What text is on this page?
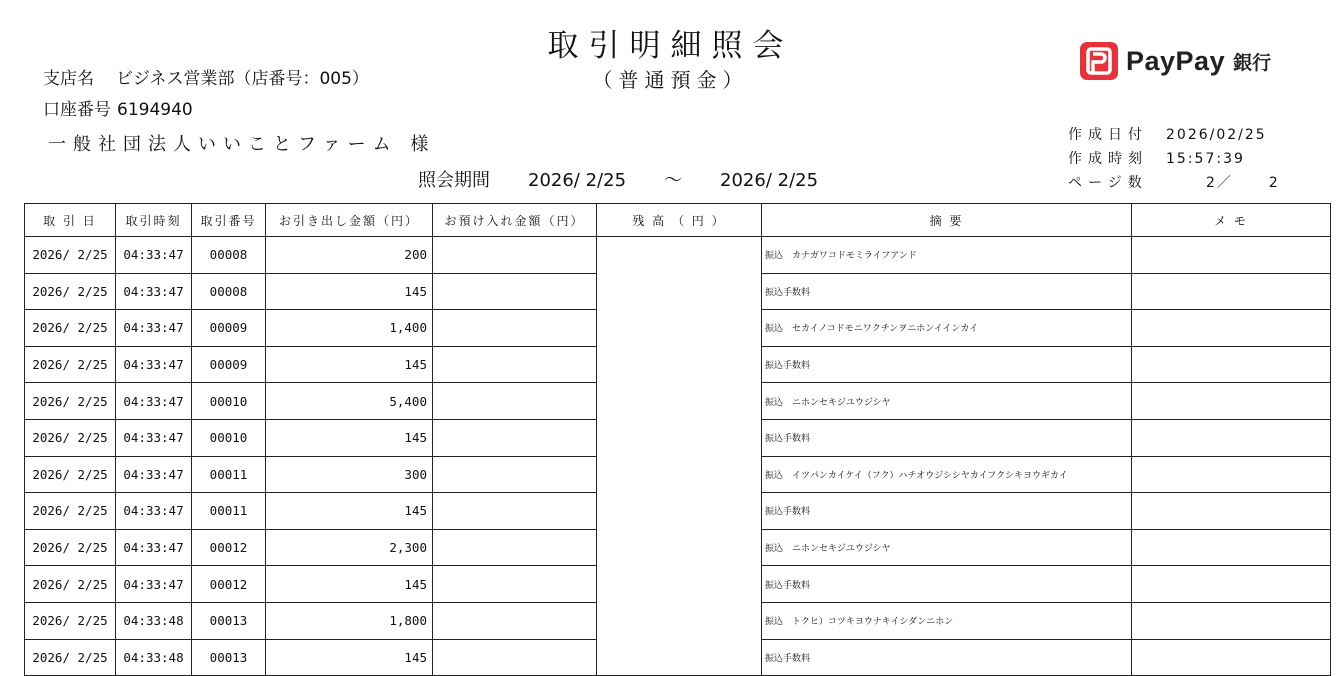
取引明細照会
（普通預金）
支店名 ビジネス営業部（店番号：005）
口座番号 6194940
一般社団法人いいことファーム 様
照会期間 2026/ 2/25 ～ 2026/ 2/25
PayPay 銀行
作成日付 2026/02/25
作成時刻 15:57:39
ページ数	2／	2
取 引 日	取引時刻	取引番号	お引き出し金額（円）	お預け入れ金額（円）	残 高 （ 円 ）	摘 要	メ モ
2026/ 2/25	04:33:47	00008	200			振込　カナガワコドモミライフアンド	
2026/ 2/25	04:33:47	00008	145			振込手数料	
2026/ 2/25	04:33:47	00009	1,400			振込　セカイノコドモニワクチンヲニホンイインカイ	
2026/ 2/25	04:33:47	00009	145			振込手数料	
2026/ 2/25	04:33:47	00010	5,400			振込　ニホンセキジユウジシヤ	
2026/ 2/25	04:33:47	00010	145			振込手数料	
2026/ 2/25	04:33:47	00011	300			振込　イツパンカイケイ（フク）ハチオウジシシヤカイフクシキヨウギカイ	
2026/ 2/25	04:33:47	00011	145			振込手数料	
2026/ 2/25	04:33:47	00012	2,300			振込　ニホンセキジユウジシヤ	
2026/ 2/25	04:33:47	00012	145			振込手数料	
2026/ 2/25	04:33:48	00013	1,800			振込　トクヒ）コツキヨウナキイシダンニホン	
2026/ 2/25	04:33:48	00013	145			振込手数料	
